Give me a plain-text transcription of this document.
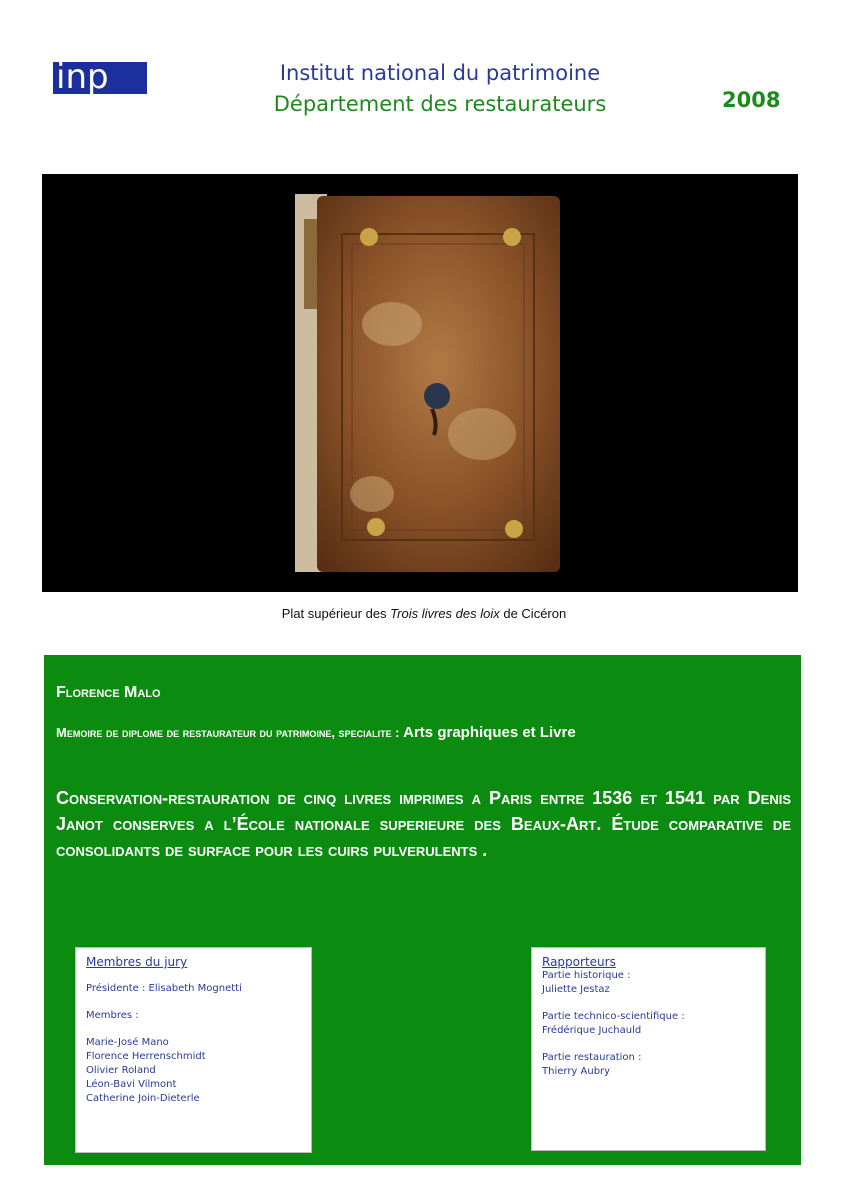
inp	Institut national du patrimoine
Département des restaurateurs	2008
Plat supérieur des Trois livres des loix de Cicéron
Florence Malo
Memoire de diplome de restaurateur du patrimoine, specialite : Arts graphiques et Livre
Conservation-restauration de cinq livres imprimes a Paris entre 1536 et 1541 par Denis Janot conserves a l’École nationale superieure des Beaux-Art. Étude comparative de consolidants de surface pour les cuirs pulverulents .
Membres du jury
Présidente : Elisabeth Mognetti
Membres :
Marie-José Mano
Florence Herrenschmidt
Olivier Roland
Léon-Bavi Vilmont
Catherine Join-Dieterle
Rapporteurs
Partie historique :
Juliette Jestaz
Partie technico-scientifique :
Frédérique Juchauld
Partie restauration :
Thierry Aubry
